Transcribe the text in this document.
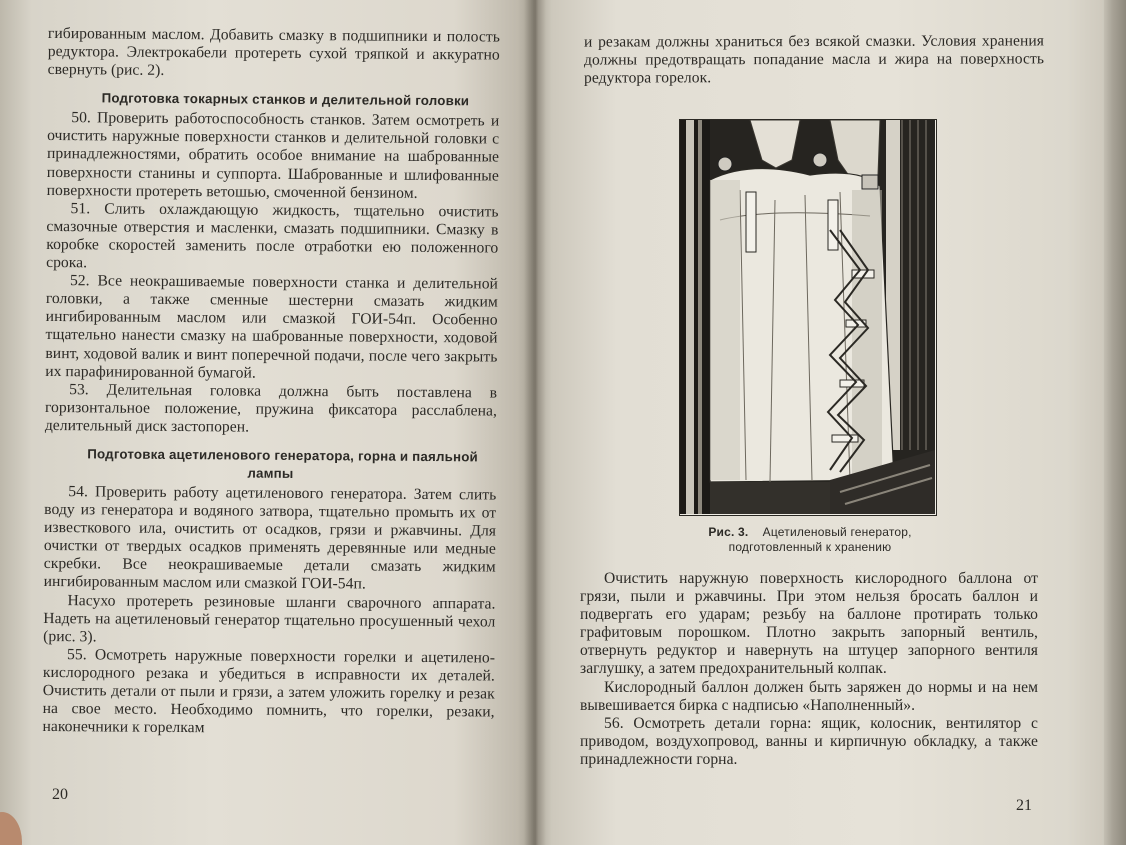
гибированным маслом. Добавить смазку в подшипники и полость редуктора. Электрокабели протереть сухой тряпкой и аккуратно свернуть (рис. 2).

Подготовка токарных станков и делительной головки

50. Проверить работоспособность станков. Затем осмотреть и очистить наружные поверхности станков и делительной головки с принадлежностями, обратить особое внимание на шаброванные поверхности станины и суппорта. Шаброванные и шлифованные поверхности протереть ветошью, смоченной бензином.

51. Слить охлаждающую жидкость, тщательно очистить смазочные отверстия и масленки, смазать подшипники. Смазку в коробке скоростей заменить после отработки ею положенного срока.

52. Все неокрашиваемые поверхности станка и делительной головки, а также сменные шестерни смазать жидким ингибированным маслом или смазкой ГОИ-54п. Особенно тщательно нанести смазку на шаброванные поверхности, ходовой винт, ходовой валик и винт поперечной подачи, после чего закрыть их парафинированной бумагой.

53. Делительная головка должна быть поставлена в горизонтальное положение, пружина фиксатора расслаблена, делительный диск застопорен.

Подготовка ацетиленового генератора, горна и паяльной лампы

54. Проверить работу ацетиленового генератора. Затем слить воду из генератора и водяного затвора, тщательно промыть их от известкового ила, очистить от осадков, грязи и ржавчины. Для очистки от твердых осадков применять деревянные или медные скребки. Все неокрашиваемые детали смазать жидким ингибированным маслом или смазкой ГОИ-54п.

Насухо протереть резиновые шланги сварочного аппарата. Надеть на ацетиленовый генератор тщательно просушенный чехол (рис. 3).

55. Осмотреть наружные поверхности горелки и ацетилено-кислородного резака и убедиться в исправности их деталей. Очистить детали от пыли и грязи, а затем уложить горелку и резак на свое место. Необходимо помнить, что горелки, резаки, наконечники к горелкам

20

и резакам должны храниться без всякой смазки. Условия хранения должны предотвращать попадание масла и жира на поверхность редуктора горелок.

Рис. 3. Ацетиленовый генератор,
подготовленный к хранению

Очистить наружную поверхность кислородного баллона от грязи, пыли и ржавчины. При этом нельзя бросать баллон и подвергать его ударам; резьбу на баллоне протирать только графитовым порошком. Плотно закрыть запорный вентиль, отвернуть редуктор и навернуть на штуцер запорного вентиля заглушку, а затем предохранительный колпак.

Кислородный баллон должен быть заряжен до нормы и на нем вывешивается бирка с надписью «Наполненный».

56. Осмотреть детали горна: ящик, колосник, вентилятор с приводом, воздухопровод, ванны и кирпичную обкладку, а также принадлежности горна.

21
